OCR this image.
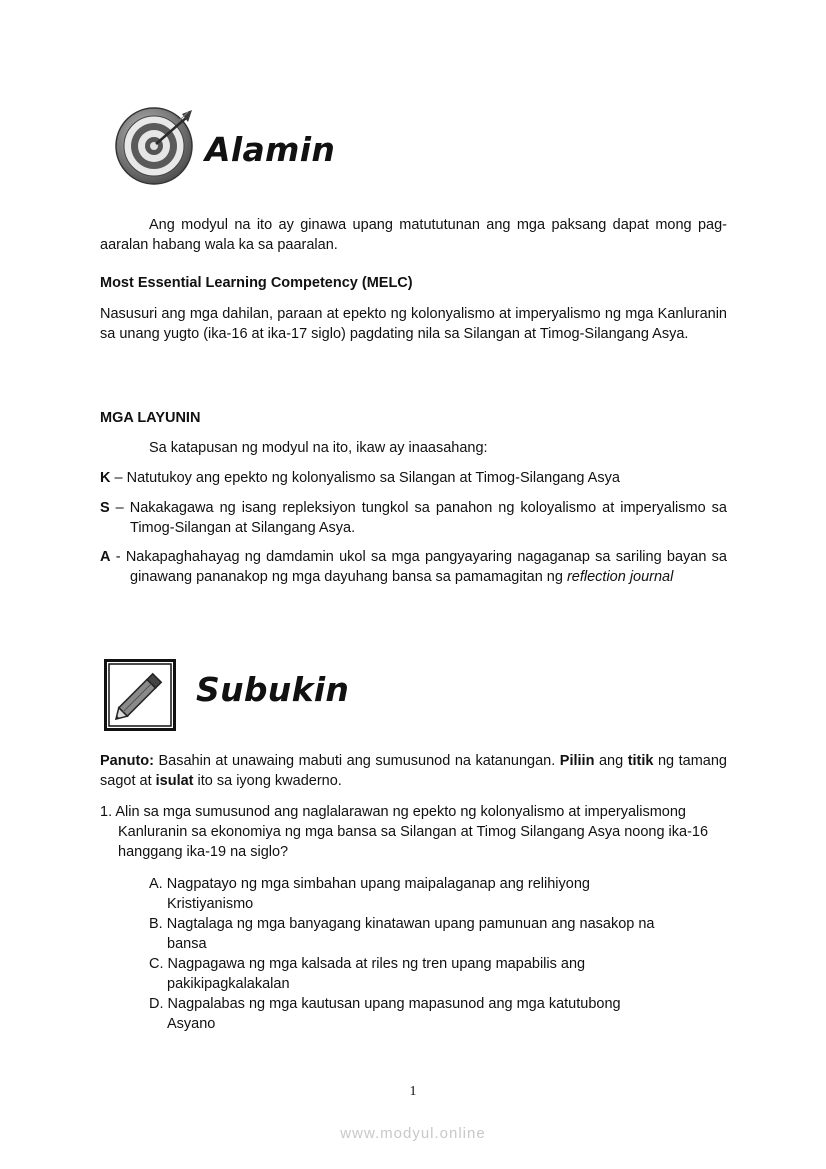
Alamin

Ang modyul na ito ay ginawa upang matututunan ang mga paksang dapat mong pag-aaralan habang wala ka sa paaralan.

Most Essential Learning Competency (MELC)

Nasusuri ang mga dahilan, paraan at epekto ng kolonyalismo at imperyalismo ng mga Kanluranin sa unang yugto (ika-16 at ika-17 siglo) pagdating nila sa Silangan at Timog-Silangang Asya.

MGA LAYUNIN
Sa katapusan ng modyul na ito, ikaw ay inaasahang:
K – Natutukoy ang epekto ng kolonyalismo sa Silangan at Timog-Silangang Asya
S – Nakakagawa ng isang repleksiyon tungkol sa panahon ng koloyalismo at imperyalismo sa Timog-Silangan at Silangang Asya.
A - Nakapaghahayag ng damdamin ukol sa mga pangyayaring nagaganap sa sariling bayan sa ginawang pananakop ng mga dayuhang bansa sa pamamagitan ng reflection journal
Subukin

Panuto: Basahin at unawaing mabuti ang sumusunod na katanungan. Piliin ang titik ng tamang sagot at isulat ito sa iyong kwaderno.

1. Alin sa mga sumusunod ang naglalarawan ng epekto ng kolonyalismo at imperyalismong Kanluranin sa ekonomiya ng mga bansa sa Silangan at Timog Silangang Asya noong ika-16 hanggang ika-19 na siglo?
A. Nagpatayo ng mga simbahan upang maipalaganap ang relihiyong
Kristiyanismo
B. Nagtalaga ng mga banyagang kinatawan upang pamunuan ang nasakop na
bansa
C. Nagpagawa ng mga kalsada at riles ng tren upang mapabilis ang
pakikipagkalakalan
D. Nagpalabas ng mga kautusan upang mapasunod ang mga katutubong
Asyano
1
www.modyul.online
